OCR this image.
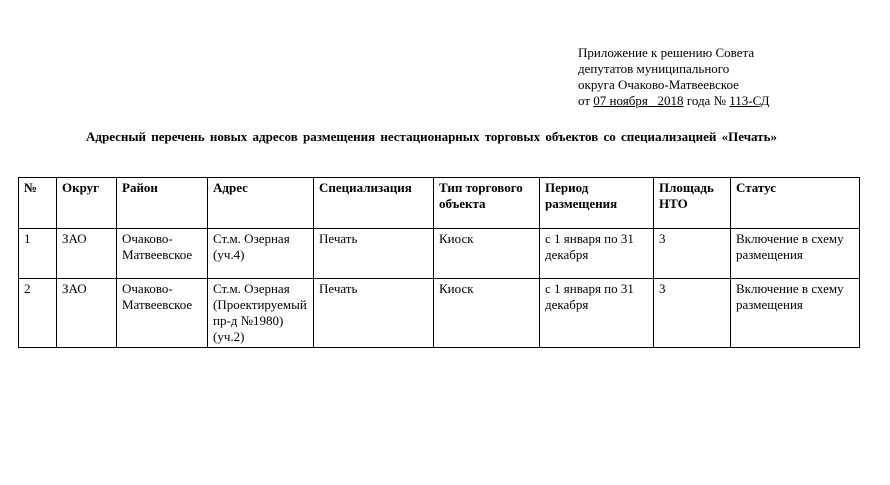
Приложение к решению Совета
депутатов муниципального
округа Очаково-Матвеевское
от 07 ноября   2018 года № 113-СД
Адресный перечень новых адресов размещения нестационарных торговых объектов со специализацией «Печать»
№	Округ	Район	Адрес	Специализация	Тип торгового объекта	Период размещения	Площадь НТО	Статус
1	ЗАО	Очаково-Матвеевское	Ст.м. Озерная (уч.4)	Печать	Киоск	с 1 января по 31 декабря	3	Включение в схему размещения
2	ЗАО	Очаково-Матвеевское	Ст.м. Озерная (Проектируемый пр-д №1980) (уч.2)	Печать	Киоск	с 1 января по 31 декабря	3	Включение в схему размещения
